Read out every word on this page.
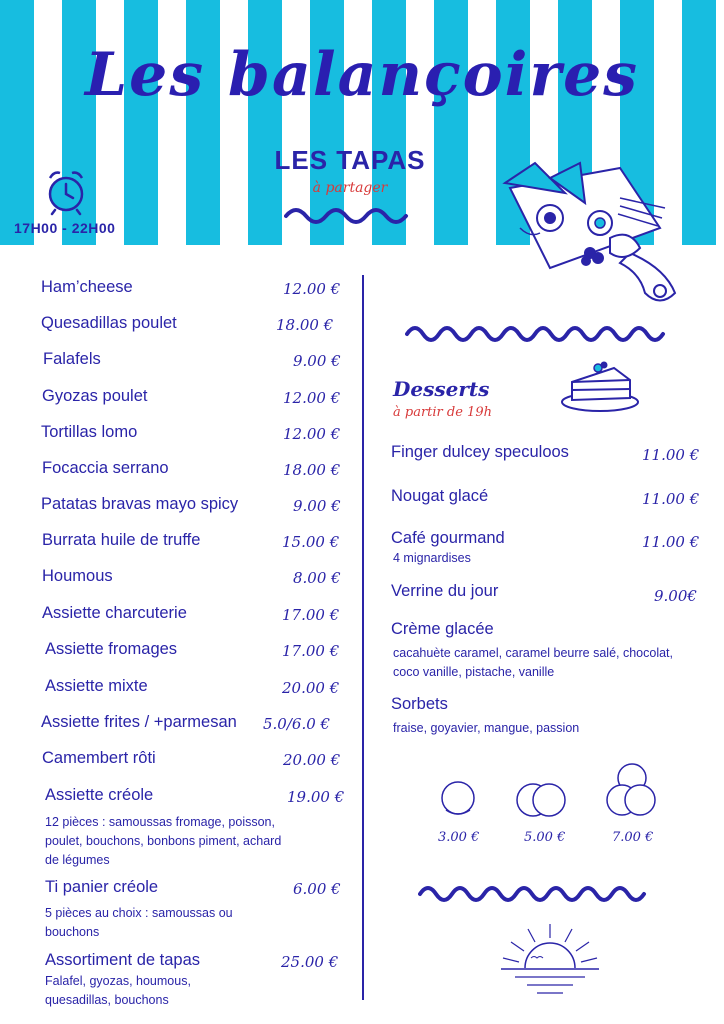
Les balançoires
LES TAPAS
à partager
17H00 - 22H00
Ham’cheese	12.00 €
Quesadillas poulet	18.00 €
Falafels	9.00 €
Gyozas poulet	12.00 €
Tortillas lomo	12.00 €
Focaccia serrano	18.00 €
Patatas bravas mayo spicy	9.00 €
Burrata huile de truffe	15.00 €
Houmous	8.00 €
Assiette charcuterie	17.00 €
Assiette fromages	17.00 €
Assiette mixte	20.00 €
Assiette frites / +parmesan 5.0/6.0 €
Camembert rôti	20.00 €
Assiette créole	19.00 €
12 pièces : samoussas fromage, poisson, poulet, bouchons, bonbons piment, achard de légumes
Ti panier créole	6.00 €
5 pièces au choix : samoussas ou bouchons
Assortiment de tapas	25.00 €
Falafel, gyozas, houmous, quesadillas, bouchons
Finger dulcey speculoos	11.00 €
Nougat glacé	11.00 €
Café gourmand	11.00 €
4 mignardises
Verrine du jour	9.00€
Crème glacée
cacahuète caramel, caramel beurre salé, chocolat, coco vanille, pistache, vanille
Sorbets
fraise, goyavier, mangue, passion
Desserts
à partir de 19h
3.00 €	5.00 €	7.00 €
